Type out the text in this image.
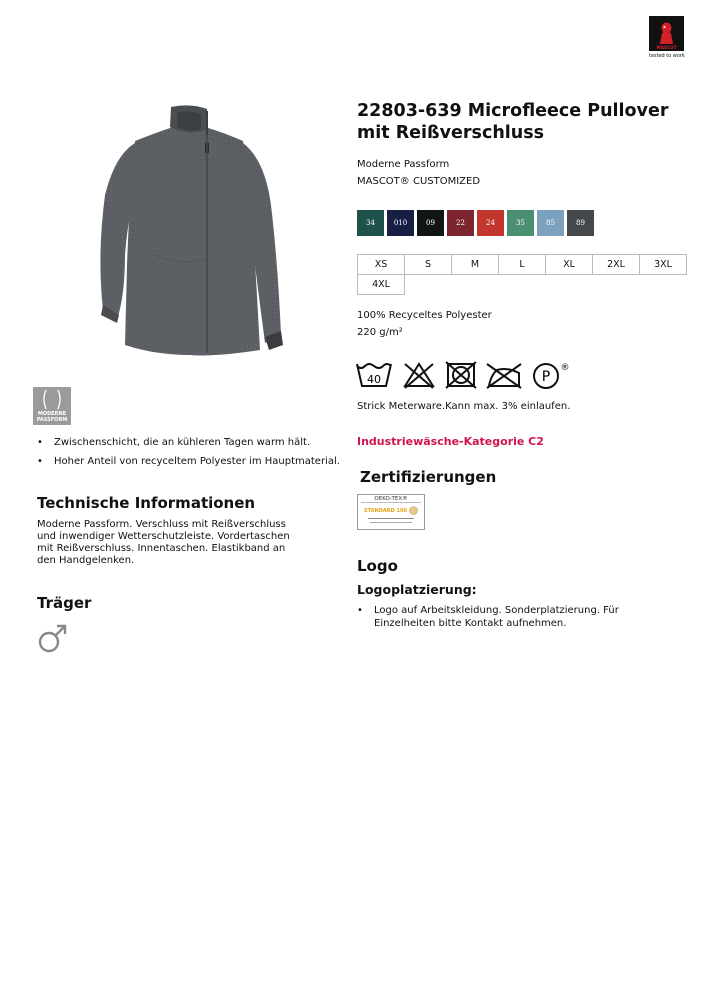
MASCOT
tested to work
MODERNE
PASSFORM
22803-639 Microfleece Pullover mit Reißverschluss
Moderne Passform
MASCOT® CUSTOMIZED
34	010	09	22	24	35	85	89
XS	S	M	L	XL	2XL	3XL
4XL
100% Recyceltes Polyester
220 g/m²
40	P
®
Strick Meterware.Kann max. 3% einlaufen.
• Zwischenschicht, die an kühleren Tagen warm hält.
• Hoher Anteil von recyceltem Polyester im Hauptmaterial.
Industriewäsche-Kategorie C2
Technische Informationen
Moderne Passform. Verschluss mit Reißverschluss und inwendiger Wetterschutzleiste. Vordertaschen mit Reißverschluss. Innentaschen. Elastikband an den Handgelenken.
Zertifizierungen
OEKO-TEX®
STANDARD 100
Träger
Logo
Logoplatzierung:
• Logo auf Arbeitskleidung. Sonderplatzierung. Für Einzelheiten bitte Kontakt aufnehmen.
